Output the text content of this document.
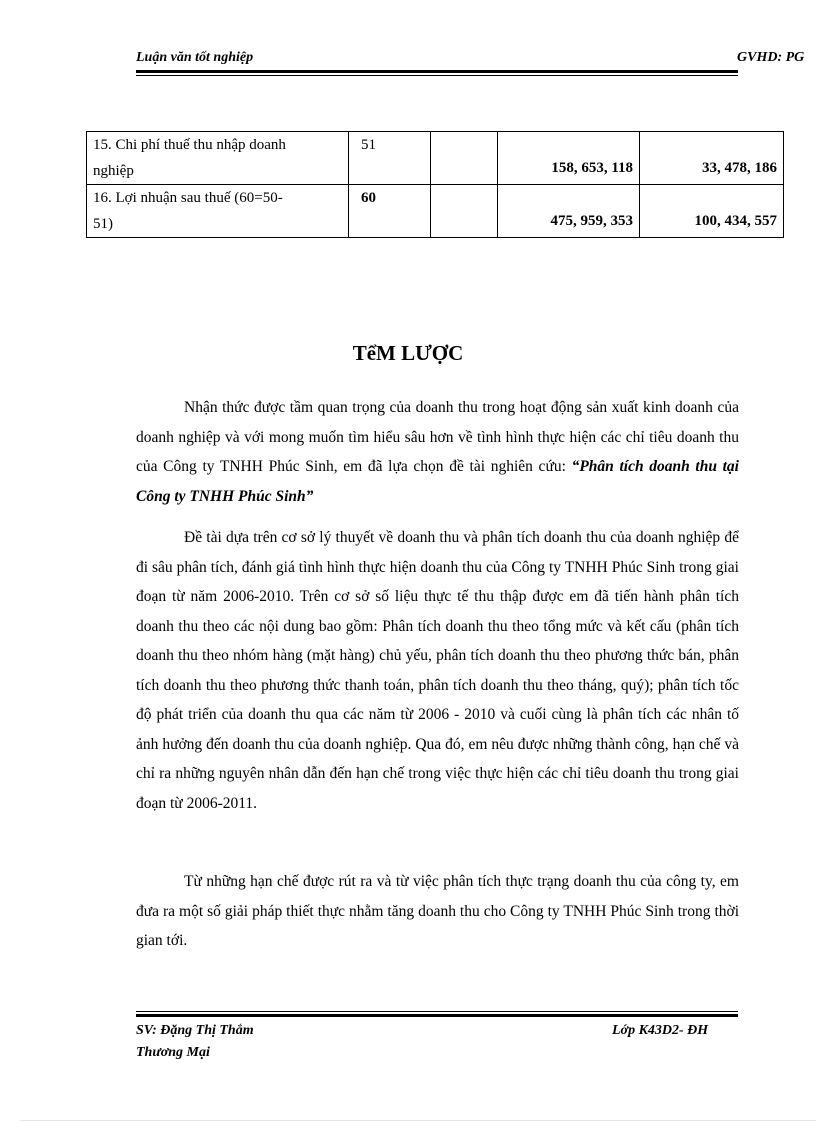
Luận văn tốt nghiệp	GVHD: PG
15. Chi phí thuế thu nhập doanh
nghiệp	51		158, 653, 118	33, 478, 186

16. Lợi nhuận sau thuế (60=50-
51)	60		475, 959, 353	100, 434, 557
TểM LƯỢC
Nhận thức được tầm quan trọng của doanh thu trong hoạt động sản xuất kinh doanh của doanh nghiệp và với mong muốn tìm hiểu sâu hơn về tình hình thực hiện các chỉ tiêu doanh thu của Công ty TNHH Phúc Sinh, em đã lựa chọn đề tài nghiên cứu: “Phân tích doanh thu tại Công ty TNHH Phúc Sinh”
Đề tài dựa trên cơ sở lý thuyết về doanh thu và phân tích doanh thu của doanh nghiệp để đi sâu phân tích, đánh giá tình hình thực hiện doanh thu của Công ty TNHH Phúc Sinh trong giai đoạn từ năm 2006-2010. Trên cơ sở số liệu thực tế thu thập được em đã tiến hành phân tích doanh thu theo các nội dung bao gồm: Phân tích doanh thu theo tổng mức và kết cấu (phân tích doanh thu theo nhóm hàng (mặt hàng) chủ yếu, phân tích doanh thu theo phương thức bán, phân tích doanh thu theo phương thức thanh toán, phân tích doanh thu theo tháng, quý); phân tích tốc độ phát triển của doanh thu qua các năm từ 2006 - 2010 và cuối cùng là phân tích các nhân tố ảnh hưởng đến doanh thu của doanh nghiệp. Qua đó, em nêu được những thành công, hạn chế và chỉ ra những nguyên nhân dẫn đến hạn chế trong việc thực hiện các chỉ tiêu doanh thu trong giai đoạn từ 2006-2011.
Từ những hạn chế được rút ra và từ việc phân tích thực trạng doanh thu của công ty, em đưa ra một số giải pháp thiết thực nhằm tăng doanh thu cho Công ty TNHH Phúc Sinh trong thời gian tới.
SV: Đặng Thị Thắm	Lớp K43D2- ĐH
Thương Mại
